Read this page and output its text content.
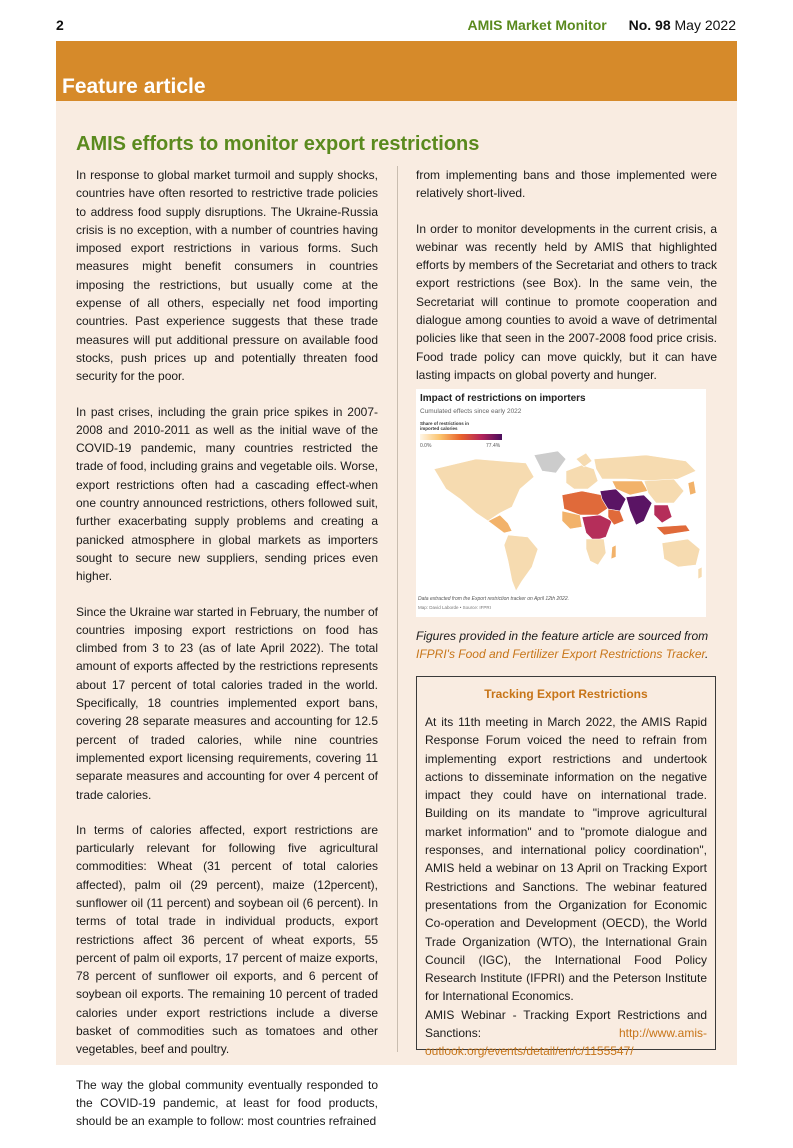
2	AMIS Market Monitor No. 98 May 2022
Feature article
AMIS efforts to monitor export restrictions

In response to global market turmoil and supply shocks, countries have often resorted to restrictive trade policies to address food supply disruptions. The Ukraine-Russia crisis is no exception, with a number of countries having imposed export restrictions in various forms. Such measures might benefit consumers in countries imposing the restrictions, but usually come at the expense of all others, especially net food importing countries. Past experience suggests that these trade measures will put additional pressure on available food stocks, push prices up and potentially threaten food security for the poor.

In past crises, including the grain price spikes in 2007-2008 and 2010-2011 as well as the initial wave of the COVID-19 pandemic, many countries restricted the trade of food, including grains and vegetable oils. Worse, export restrictions often had a cascading effect-when one country announced restrictions, others followed suit, further exacerbating supply problems and creating a panicked atmosphere in global markets as importers sought to secure new suppliers, sending prices even higher.

Since the Ukraine war started in February, the number of countries imposing export restrictions on food has climbed from 3 to 23 (as of late April 2022). The total amount of exports affected by the restrictions represents about 17 percent of total calories traded in the world. Specifically, 18 countries implemented export bans, covering 28 separate measures and accounting for 12.5 percent of traded calories, while nine countries implemented export licensing requirements, covering 11 separate measures and accounting for over 4 percent of trade calories.

In terms of calories affected, export restrictions are particularly relevant for following five agricultural commodities: Wheat (31 percent of total calories affected), palm oil (29 percent), maize (12percent), sunflower oil (11 percent) and soybean oil (6 percent). In terms of total trade in individual products, export restrictions affect 36 percent of wheat exports, 55 percent of palm oil exports, 17 percent of maize exports, 78 percent of sunflower oil exports, and 6 percent of soybean oil exports. The remaining 10 percent of traded calories under export restrictions include a diverse basket of commodities such as tomatoes and other vegetables, beef and poultry.

The way the global community eventually responded to the COVID-19 pandemic, at least for food products, should be an example to follow: most countries refrained

from implementing bans and those implemented were relatively short-lived.

In order to monitor developments in the current crisis, a webinar was recently held by AMIS that highlighted efforts by members of the Secretariat and others to track export restrictions (see Box). In the same vein, the Secretariat will continue to promote cooperation and dialogue among counties to avoid a wave of detrimental policies like that seen in the 2007-2008 food price crisis. Food trade policy can move quickly, but it can have lasting impacts on global poverty and hunger.

Impact of restrictions on importers
Cumulated effects since early 2022
Share of restrictions in imported calories
0.0%	77.4%
Data extracted from the Export restriction tracker on April 12th 2022.
Map: David Laborde • Source: IFPRI
Figures provided in the feature article are sourced from IFPRI's Food and Fertilizer Export Restrictions Tracker.
Tracking Export Restrictions

At its 11th meeting in March 2022, the AMIS Rapid Response Forum voiced the need to refrain from implementing export restrictions and undertook actions to disseminate information on the negative impact they could have on international trade. Building on its mandate to "improve agricultural market information" and to "promote dialogue and responses, and international policy coordination", AMIS held a webinar on 13 April on Tracking Export Restrictions and Sanctions. The webinar featured presentations from the Organization for Economic Co-operation and Development (OECD), the World Trade Organization (WTO), the International Grain Council (IGC), the International Food Policy Research Institute (IFPRI) and the Peterson Institute for International Economics.

AMIS Webinar - Tracking Export Restrictions and Sanctions: http://www.amis-outlook.org/events/detail/en/c/1155547/
